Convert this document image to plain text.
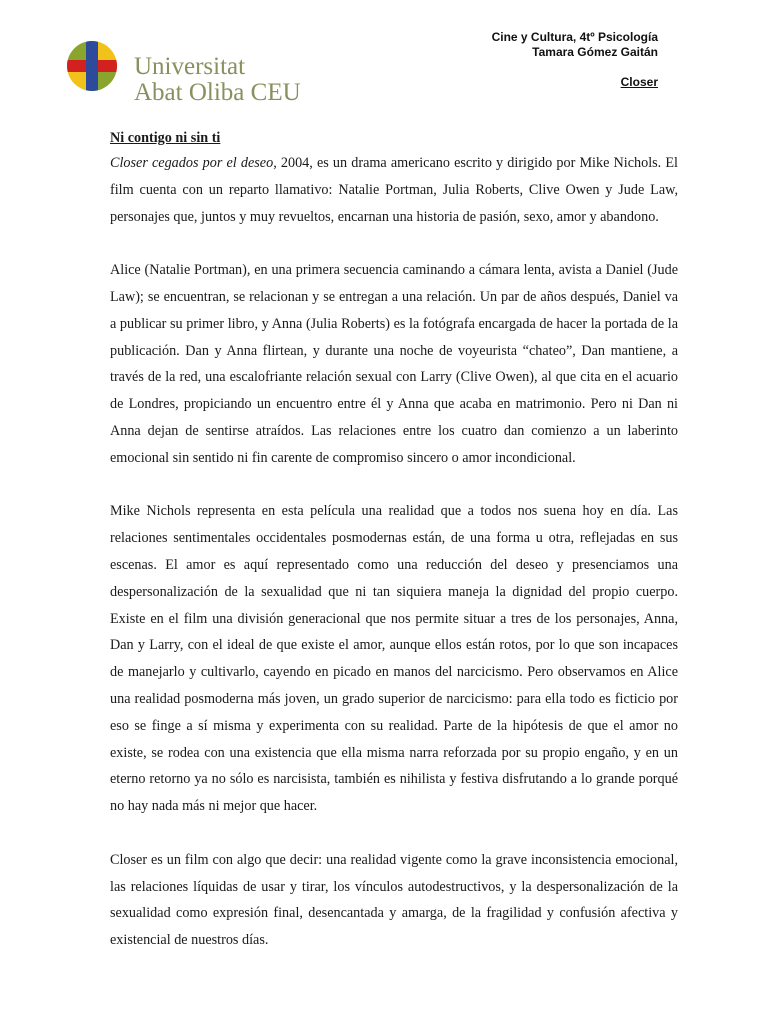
Universitat
Abat Oliba CEU
Cine y Cultura, 4tº Psicología
Tamara Gómez Gaitán
Closer
Ni contigo ni sin ti

Closer cegados por el deseo, 2004, es un drama americano escrito y dirigido por Mike Nichols. El film cuenta con un reparto llamativo: Natalie Portman, Julia Roberts, Clive Owen y Jude Law, personajes que, juntos y muy revueltos, encarnan una historia de pasión, sexo, amor y abandono.

Alice (Natalie Portman), en una primera secuencia caminando a cámara lenta, avista a Daniel (Jude Law); se encuentran, se relacionan y se entregan a una relación. Un par de años después, Daniel va a publicar su primer libro, y Anna (Julia Roberts) es la fotógrafa encargada de hacer la portada de la publicación. Dan y Anna flirtean, y durante una noche de voyeurista “chateo”, Dan mantiene, a través de la red, una escalofriante relación sexual con Larry (Clive Owen), al que cita en el acuario de Londres, propiciando un encuentro entre él y Anna que acaba en matrimonio. Pero ni Dan ni Anna dejan de sentirse atraídos. Las relaciones entre los cuatro dan comienzo a un laberinto emocional sin sentido ni fin carente de compromiso sincero o amor incondicional.

Mike Nichols representa en esta película una realidad que a todos nos suena hoy en día. Las relaciones sentimentales occidentales posmodernas están, de una forma u otra, reflejadas en sus escenas. El amor es aquí representado como una reducción del deseo y presenciamos una despersonalización de la sexualidad que ni tan siquiera maneja la dignidad del propio cuerpo. Existe en el film una división generacional que nos permite situar a tres de los personajes, Anna, Dan y Larry, con el ideal de que existe el amor, aunque ellos están rotos, por lo que son incapaces de manejarlo y cultivarlo, cayendo en picado en manos del narcicismo. Pero observamos en Alice una realidad posmoderna más joven, un grado superior de narcicismo: para ella todo es ficticio por eso se finge a sí misma y experimenta con su realidad. Parte de la hipótesis de que el amor no existe, se rodea con una existencia que ella misma narra reforzada por su propio engaño, y en un eterno retorno ya no sólo es narcisista, también es nihilista y festiva disfrutando a lo grande porqué no hay nada más ni mejor que hacer.

Closer es un film con algo que decir: una realidad vigente como la grave inconsistencia emocional, las relaciones líquidas de usar y tirar, los vínculos autodestructivos, y la despersonalización de la sexualidad como expresión final, desencantada y amarga, de la fragilidad y confusión afectiva y existencial de nuestros días.
